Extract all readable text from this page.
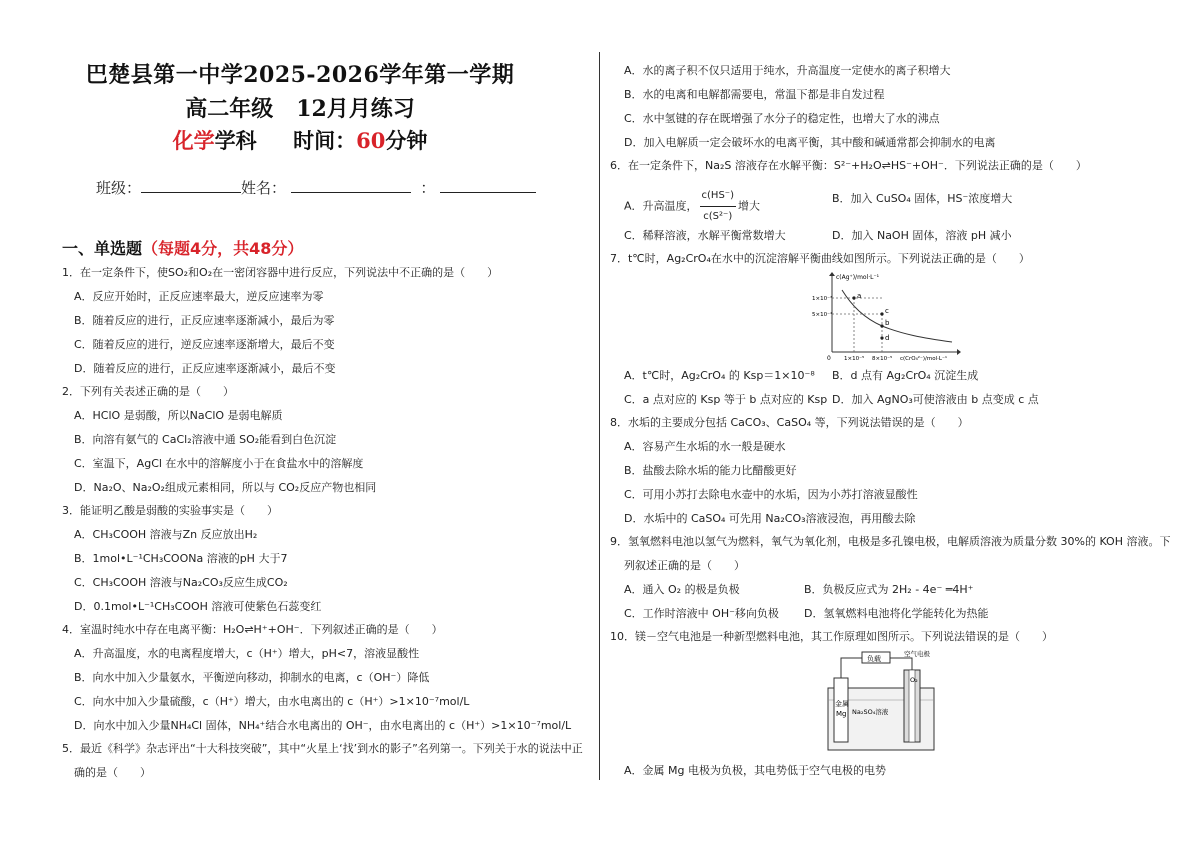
巴楚县第一中学2025-2026学年第一学期
高二年级 12月月练习
化学学科 时间：60分钟
班级：	姓名：	：
一、单选题（每题4分，共48分）
1．在一定条件下，使SO₂和O₂在一密闭容器中进行反应，下列说法中不正确的是（　　）
A．反应开始时，正反应速率最大，逆反应速率为零
B．随着反应的进行，正反应速率逐渐减小，最后为零
C．随着反应的进行，逆反应速率逐渐增大，最后不变
D．随着反应的进行，正反应速率逐渐减小，最后不变
2．下列有关表述正确的是（　　）
A．HClO 是弱酸，所以NaClO 是弱电解质
B．向溶有氨气的 CaCl₂溶液中通 SO₂能看到白色沉淀
C．室温下，AgCl 在水中的溶解度小于在食盐水中的溶解度
D．Na₂O、Na₂O₂组成元素相同，所以与 CO₂反应产物也相同
3．能证明乙酸是弱酸的实验事实是（　　）
A．CH₃COOH 溶液与Zn 反应放出H₂
B．1mol•L⁻¹CH₃COONa 溶液的pH 大于7
C．CH₃COOH 溶液与Na₂CO₃反应生成CO₂
D．0.1mol•L⁻¹CH₃COOH 溶液可使紫色石蕊变红
4．室温时纯水中存在电离平衡：H₂O⇌H⁺+OH⁻．下列叙述正确的是（　　）
A．升高温度，水的电离程度增大，c（H⁺）增大，pH<7，溶液显酸性
B．向水中加入少量氨水，平衡逆向移动，抑制水的电离，c（OH⁻）降低
C．向水中加入少量硫酸，c（H⁺）增大，由水电离出的 c（H⁺）>1×10⁻⁷mol/L
D．向水中加入少量NH₄Cl 固体，NH₄⁺结合水电离出的 OH⁻，由水电离出的 c（H⁺）>1×10⁻⁷mol/L
5．最近《科学》杂志评出“十大科技突破”，其中“火星上‘找’到水的影子”名列第一。下列关于水的说法中正
确的是（　　）
A．水的离子积不仅只适用于纯水，升高温度一定使水的离子积增大
B．水的电离和电解都需要电，常温下都是非自发过程
C．水中氢键的存在既增强了水分子的稳定性，也增大了水的沸点
D．加入电解质一定会破坏水的电离平衡，其中酸和碱通常都会抑制水的电离
6．在一定条件下，Na₂S 溶液存在水解平衡：S²⁻+H₂O⇌HS⁻+OH⁻．下列说法正确的是（　　）
A．升高温度， $\frac{c(HS^-)}{\text{c(S²⁻)}}$ 增大
B．加入 CuSO₄ 固体，HS⁻浓度增大
C．稀释溶液，水解平衡常数增大	D．加入 NaOH 固体，溶液 pH 减小
7．t℃时，Ag₂CrO₄在水中的沉淀溶解平衡曲线如图所示。下列说法正确的是（　　）
a
c
b
d
c(Ag⁺)/mol·L⁻¹
1×10⁻³
5×10⁻⁴
0 1×10⁻⁵ 8×10⁻⁵ c(CrO₄²⁻)/mol·L⁻¹
A．t℃时，Ag₂CrO₄ 的 Ksp＝1×10⁻⁸ B．d 点有 Ag₂CrO₄ 沉淀生成
C．a 点对应的 Ksp 等于 b 点对应的 Ksp D．加入 AgNO₃可使溶液由 b 点变成 c 点
8．水垢的主要成分包括 CaCO₃、CaSO₄ 等，下列说法错误的是（　　）
A．容易产生水垢的水一般是硬水
B．盐酸去除水垢的能力比醋酸更好
C．可用小苏打去除电水壶中的水垢，因为小苏打溶液显酸性
D．水垢中的 CaSO₄ 可先用 Na₂CO₃溶液浸泡，再用酸去除
9．氢氧燃料电池以氢气为燃料，氧气为氧化剂，电极是多孔镍电极，电解质溶液为质量分数 30%的 KOH 溶液。下
列叙述正确的是（　　）
A．通入 O₂ 的极是负极	B．负极反应式为 2H₂ - 4e⁻ ═4H⁺
C．工作时溶液中 OH⁻移向负极 D．氢氧燃料电池将化学能转化为热能
10．镁－空气电池是一种新型燃料电池，其工作原理如图所示。下列说法错误的是（　　）
负载
空气电极
O₂
金属
Mg Na₂SO₄溶液
A．金属 Mg 电极为负极，其电势低于空气电极的电势
